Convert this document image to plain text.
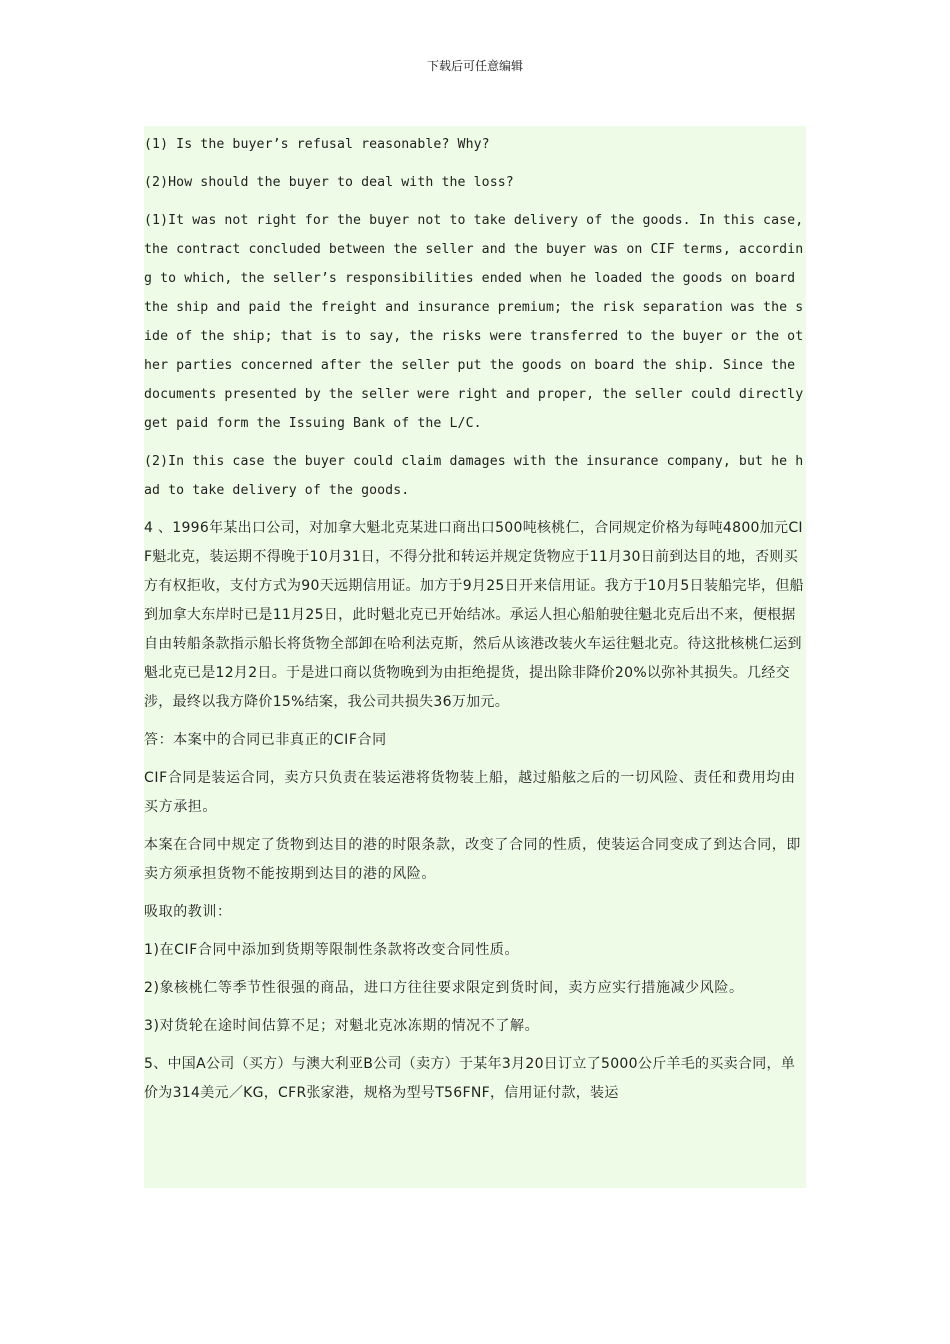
下载后可任意编辑

(1) Is the buyer’s refusal reasonable? Why?

(2)How should the buyer to deal with the loss?

(1)It was not right for the buyer not to take delivery of the goods. In this case, the contract concluded between the seller and the buyer was on CIF terms, according to which, the seller’s responsibilities ended when he loaded the goods on board the ship and paid the freight and insurance premium; the risk separation was the side of the ship; that is to say, the risks were transferred to the buyer or the other parties concerned after the seller put the goods on board the ship. Since the documents presented by the seller were right and proper, the seller could directly get paid form the Issuing Bank of the L/C.

(2)In this case the buyer could claim damages with the insurance company, but he had to take delivery of the goods.

4 、1996年某出口公司，对加拿大魁北克某进口商出口500吨核桃仁，合同规定价格为每吨4800加元CIF魁北克，装运期不得晚于10月31日，不得分批和转运并规定货物应于11月30日前到达目的地，否则买方有权拒收，支付方式为90天远期信用证。加方于9月25日开来信用证。我方于10月5日装船完毕，但船到加拿大东岸时已是11月25日，此时魁北克已开始结冰。承运人担心船舶驶往魁北克后出不来，便根据自由转船条款指示船长将货物全部卸在哈利法克斯，然后从该港改装火车运往魁北克。待这批核桃仁运到魁北克已是12月2日。于是进口商以货物晚到为由拒绝提货，提出除非降价20%以弥补其损失。几经交涉，最终以我方降价15%结案，我公司共损失36万加元。

答：本案中的合同已非真正的CIF合同

CIF合同是装运合同，卖方只负责在装运港将货物装上船，越过船舷之后的一切风险、责任和费用均由买方承担。

本案在合同中规定了货物到达目的港的时限条款，改变了合同的性质，使装运合同变成了到达合同，即卖方须承担货物不能按期到达目的港的风险。

吸取的教训：

1)在CIF合同中添加到货期等限制性条款将改变合同性质。

2)象核桃仁等季节性很强的商品，进口方往往要求限定到货时间，卖方应实行措施减少风险。

3)对货轮在途时间估算不足；对魁北克冰冻期的情况不了解。

5、中国A公司（买方）与澳大利亚B公司（卖方）于某年3月20日订立了5000公斤羊毛的买卖合同，单价为314美元／KG，CFR张家港，规格为型号T56FNF，信用证付款，装运
